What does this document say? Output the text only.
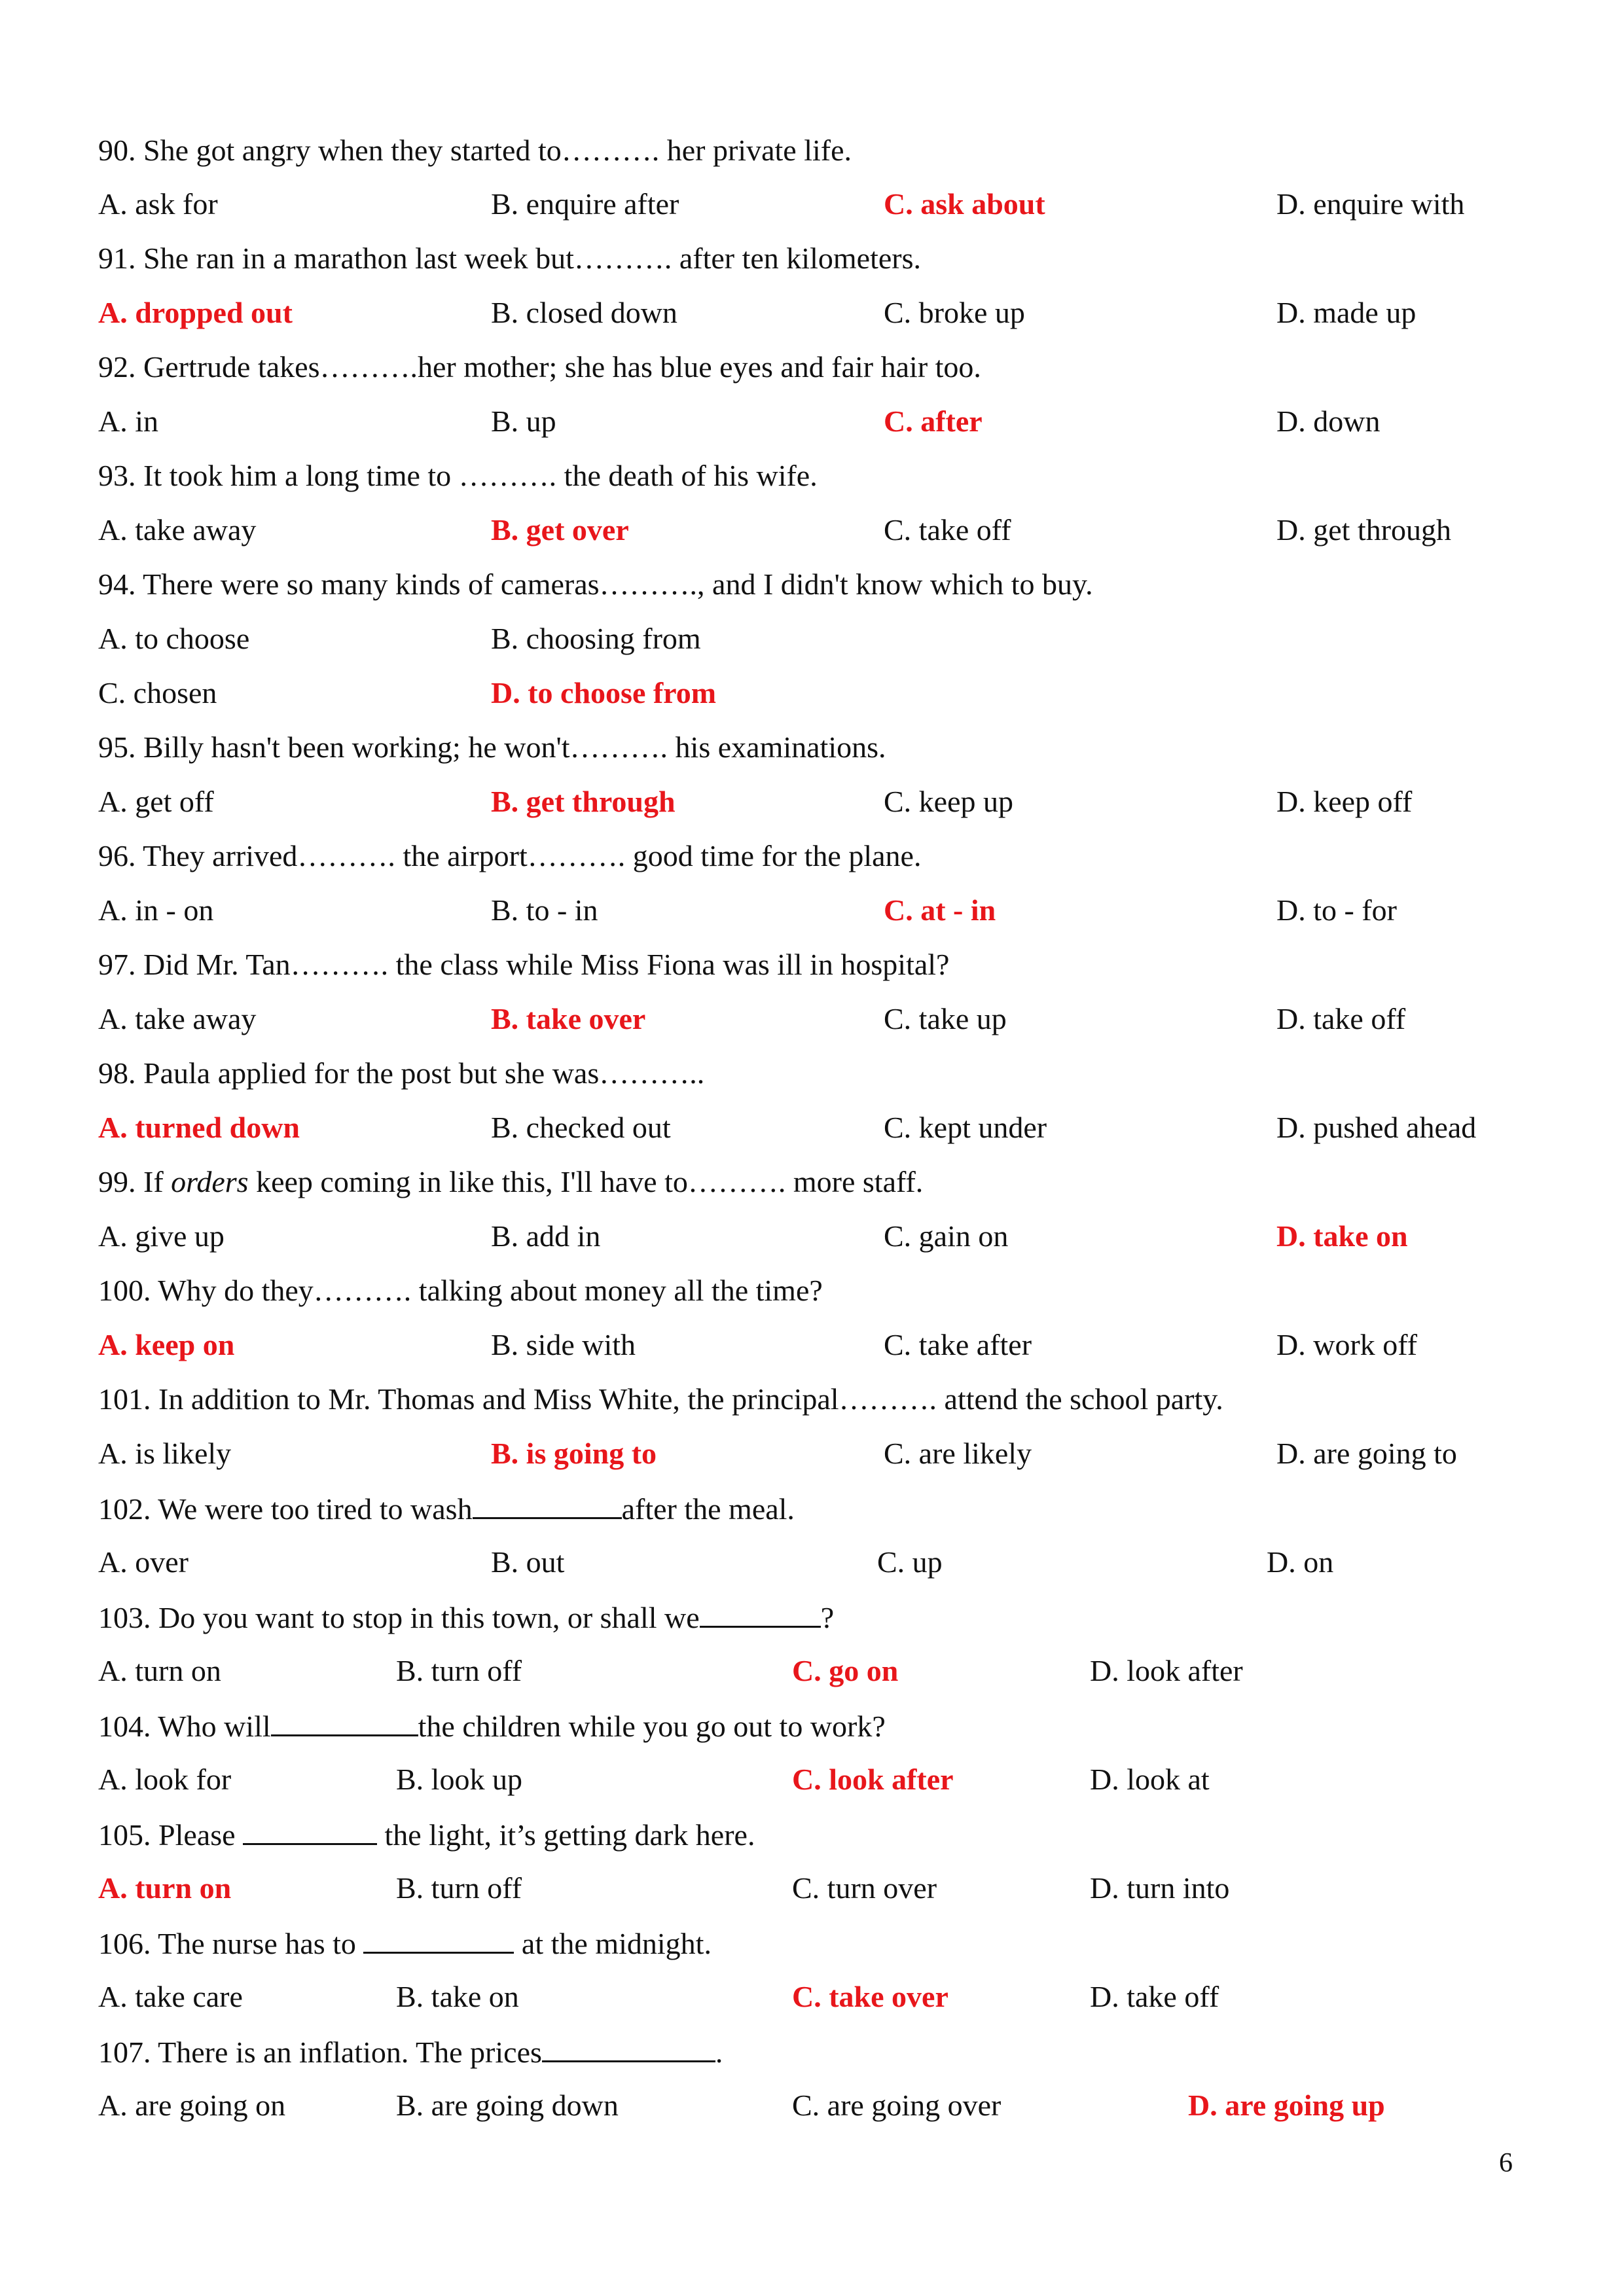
90. She got angry when they started to………. her private life.
A. ask for	B. enquire after	C. ask about	D. enquire with
91. She ran in a marathon last week but………. after ten kilometers.
A. dropped out	B. closed down	C. broke up	D. made up
92. Gertrude takes……….her mother; she has blue eyes and fair hair too.
A. in	B. up	C. after	D. down
93. It took him a long time to ………. the death of his wife.
A. take away	B. get over	C. take off	D. get through
94. There were so many kinds of cameras………., and I didn't know which to buy.
A. to choose	B. choosing from
C. chosen	D. to choose from
95. Billy hasn't been working; he won't………. his examinations.
A. get off	B. get through	C. keep up	D. keep off
96. They arrived………. the airport………. good time for the plane.
A. in - on	B. to - in	C. at - in	D. to - for
97. Did Mr. Tan………. the class while Miss Fiona was ill in hospital?
A. take away	B. take over	C. take up	D. take off
98. Paula applied for the post but she was………..
A. turned down	B. checked out	C. kept under	D. pushed ahead
99. If orders keep coming in like this, I'll have to………. more staff.
A. give up	B. add in	C. gain on	D. take on
100. Why do they………. talking about money all the time?
A. keep on	B. side with	C. take after	D. work off
101. In addition to Mr. Thomas and Miss White, the principal………. attend the school party.
A. is likely	B. is going to	C. are likely	D. are going to
102. We were too tired to wash	after the meal.
A. over	B. out	C. up	D. on
103. Do you want to stop in this town, or shall we	?
A. turn on	B. turn off	C. go on	D. look after
104. Who will	the children while you go out to work?
A. look for	B. look up	C. look after	D. look at
105. Please	the light, it’s getting dark here.
A. turn on	B. turn off	C. turn over	D. turn into
106. The nurse has to	at the midnight.
A. take care	B. take on	C. take over	D. take off
107. There is an inflation. The prices	.
A. are going on	B. are going down	C. are going over	D. are going up
6
